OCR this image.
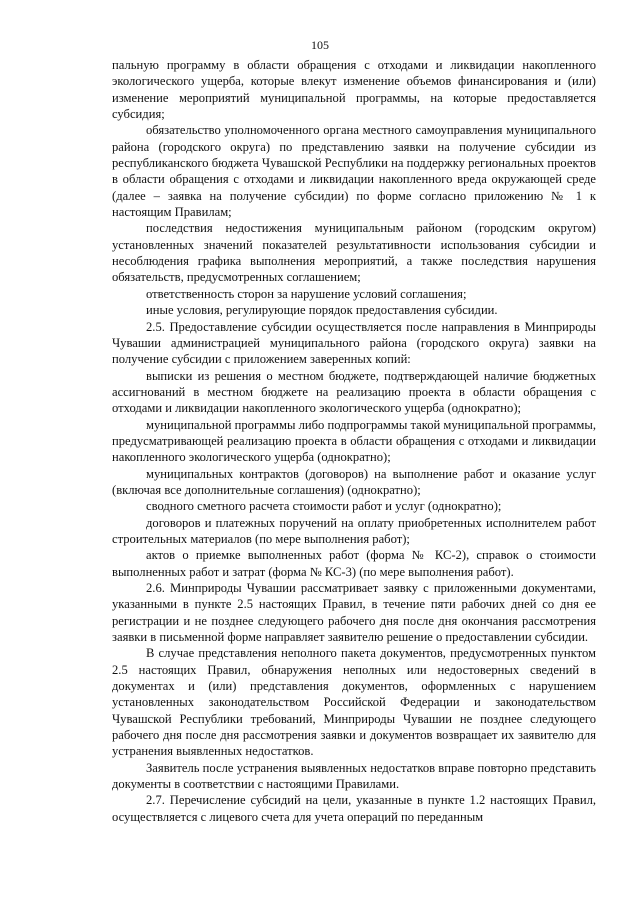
105

пальную программу в области обращения с отходами и ликвидации накопленного экологического ущерба, которые влекут изменение объемов финансирования и (или) изменение мероприятий муниципальной программы, на которые предоставляется субсидия;

обязательство уполномоченного органа местного самоуправления муниципального района (городского округа) по представлению заявки на получение субсидии из республиканского бюджета Чувашской Республики на поддержку региональных проектов в области обращения с отходами и ликвидации накопленного вреда окружающей среде (далее – заявка на получение субсидии) по форме согласно приложению № 1 к настоящим Правилам;

последствия недостижения муниципальным районом (городским округом) установленных значений показателей результативности использования субсидии и несоблюдения графика выполнения мероприятий, а также последствия нарушения обязательств, предусмотренных соглашением;

ответственность сторон за нарушение условий соглашения;

иные условия, регулирующие порядок предоставления субсидии.

2.5. Предоставление субсидии осуществляется после направления в Минприроды Чувашии администрацией муниципального района (городского округа) заявки на получение субсидии с приложением заверенных копий:

выписки из решения о местном бюджете, подтверждающей наличие бюджетных ассигнований в местном бюджете на реализацию проекта в области обращения с отходами и ликвидации накопленного экологического ущерба (однократно);

муниципальной программы либо подпрограммы такой муниципальной программы, предусматривающей реализацию проекта в области обращения с отходами и ликвидации накопленного экологического ущерба (однократно);

муниципальных контрактов (договоров) на выполнение работ и оказание услуг (включая все дополнительные соглашения) (однократно);

сводного сметного расчета стоимости работ и услуг (однократно);

договоров и платежных поручений на оплату приобретенных исполнителем работ строительных материалов (по мере выполнения работ);

актов о приемке выполненных работ (форма № КС-2), справок о стоимости выполненных работ и затрат (форма № КС-3) (по мере выполнения работ).

2.6. Минприроды Чувашии рассматривает заявку с приложенными документами, указанными в пункте 2.5 настоящих Правил, в течение пяти рабочих дней со дня ее регистрации и не позднее следующего рабочего дня после дня окончания рассмотрения заявки в письменной форме направляет заявителю решение о предоставлении субсидии.

В случае представления неполного пакета документов, предусмотренных пунктом 2.5 настоящих Правил, обнаружения неполных или недостоверных сведений в документах и (или) представления документов, оформленных с нарушением установленных законодательством Российской Федерации и законодательством Чувашской Республики требований, Минприроды Чувашии не позднее следующего рабочего дня после дня рассмотрения заявки и документов возвращает их заявителю для устранения выявленных недостатков.

Заявитель после устранения выявленных недостатков вправе повторно представить документы в соответствии с настоящими Правилами.

2.7. Перечисление субсидий на цели, указанные в пункте 1.2 настоящих Правил, осуществляется с лицевого счета для учета операций по переданным
